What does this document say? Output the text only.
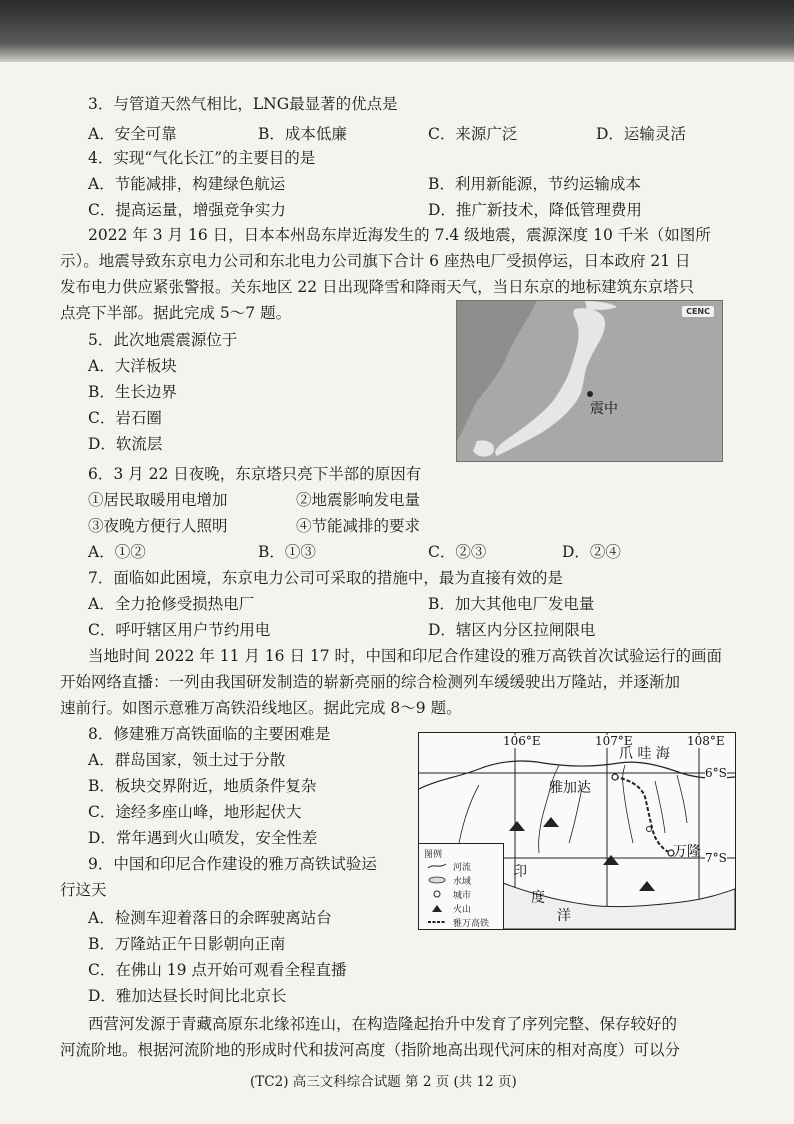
3．与管道天然气相比，LNG最显著的优点是
A．安全可靠	B．成本低廉	C．来源广泛	D．运输灵活
4．实现“气化长江”的主要目的是
A．节能减排，构建绿色航运	B．利用新能源，节约运输成本
C．提高运量，增强竞争实力	D．推广新技术，降低管理费用
2022 年 3 月 16 日，日本本州岛东岸近海发生的 7.4 级地震，震源深度 10 千米（如图所
示）。地震导致东京电力公司和东北电力公司旗下合计 6 座热电厂受损停运，日本政府 21 日
发布电力供应紧张警报。关东地区 22 日出现降雪和降雨天气，当日东京的地标建筑东京塔只
点亮下半部。据此完成 5～7 题。
5．此次地震震源位于
A．大洋板块
B．生长边界
C．岩石圈
D．软流层
CENC
震中
6．3 月 22 日夜晚，东京塔只亮下半部的原因有
①居民取暖用电增加	②地震影响发电量
③夜晚方便行人照明	④节能减排的要求
A．①②	B．①③	C．②③	D．②④
7．面临如此困境，东京电力公司可采取的措施中，最为直接有效的是
A．全力抢修受损热电厂	B．加大其他电厂发电量
C．呼吁辖区用户节约用电	D．辖区内分区拉闸限电
当地时间 2022 年 11 月 16 日 17 时，中国和印尼合作建设的雅万高铁首次试验运行的画面
开始网络直播：一列由我国研发制造的崭新亮丽的综合检测列车缓缓驶出万隆站，并逐渐加
速前行。如图示意雅万高铁沿线地区。据此完成 8～9 题。
8．修建雅万高铁面临的主要困难是
A．群岛国家，领土过于分散
B．板块交界附近，地质条件复杂
C．途经多座山峰，地形起伏大
D．常年遇到火山喷发，安全性差
9．中国和印尼合作建设的雅万高铁试验运
行这天
A．检测车迎着落日的余晖驶离站台
B．万隆站正午日影朝向正南
C．在佛山 19 点开始可观看全程直播
D．雅加达昼长时间比北京长
106°E	107°E	108°E
6°S
7°S
爪 哇 海
雅加达
万隆
印
度
洋
图例
河流
水域
城市
火山
雅万高铁
西营河发源于青藏高原东北缘祁连山，在构造隆起抬升中发育了序列完整、保存较好的
河流阶地。根据河流阶地的形成时代和拔河高度（指阶地高出现代河床的相对高度）可以分
(TC2) 高三文科综合试题 第 2 页 (共 12 页)
